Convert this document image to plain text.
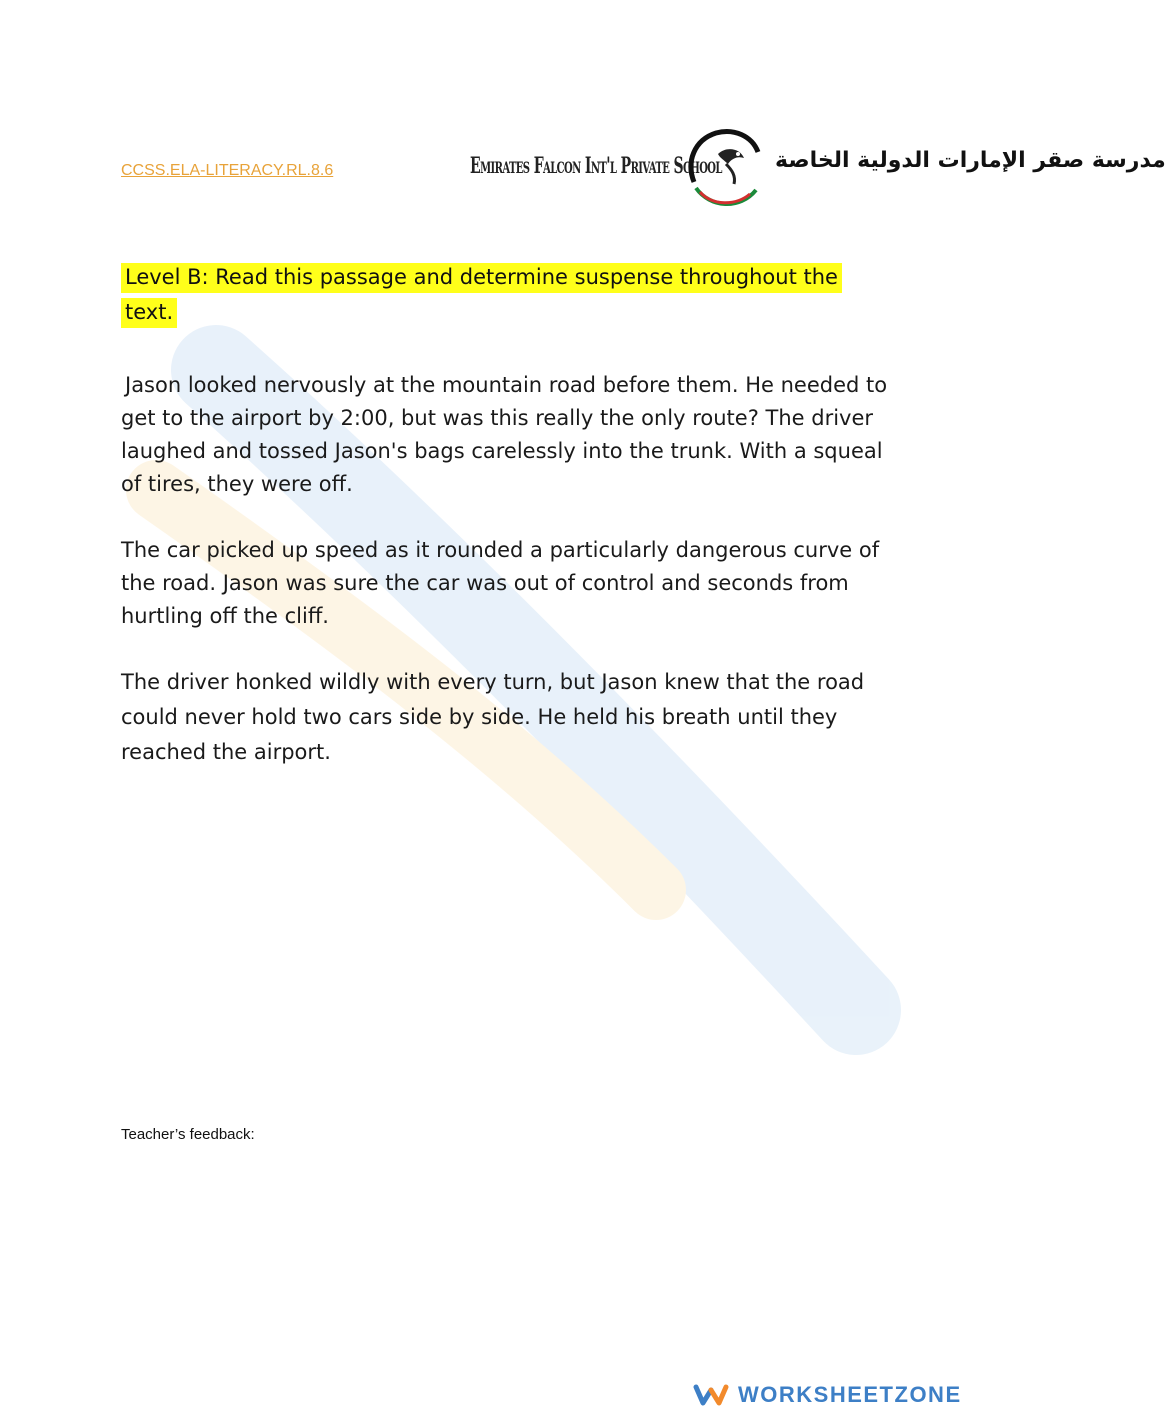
CCSS.ELA-LITERACY.RL.8.6	Emirates Falcon Int'l Private School مدرسة صقر الإمارات الدولية الخاصة
Level B: Read this passage and determine suspense throughout the text.

Jason looked nervously at the mountain road before them. He needed to get to the airport by 2:00, but was this really the only route? The driver laughed and tossed Jason's bags carelessly into the trunk. With a squeal of tires, they were off.

The car picked up speed as it rounded a particularly dangerous curve of the road. Jason was sure the car was out of control and seconds from hurtling off the cliff.

The driver honked wildly with every turn, but Jason knew that the road could never hold two cars side by side. He held his breath until they reached the airport.

Teacher’s feedback:
WORKSHEETZONE
